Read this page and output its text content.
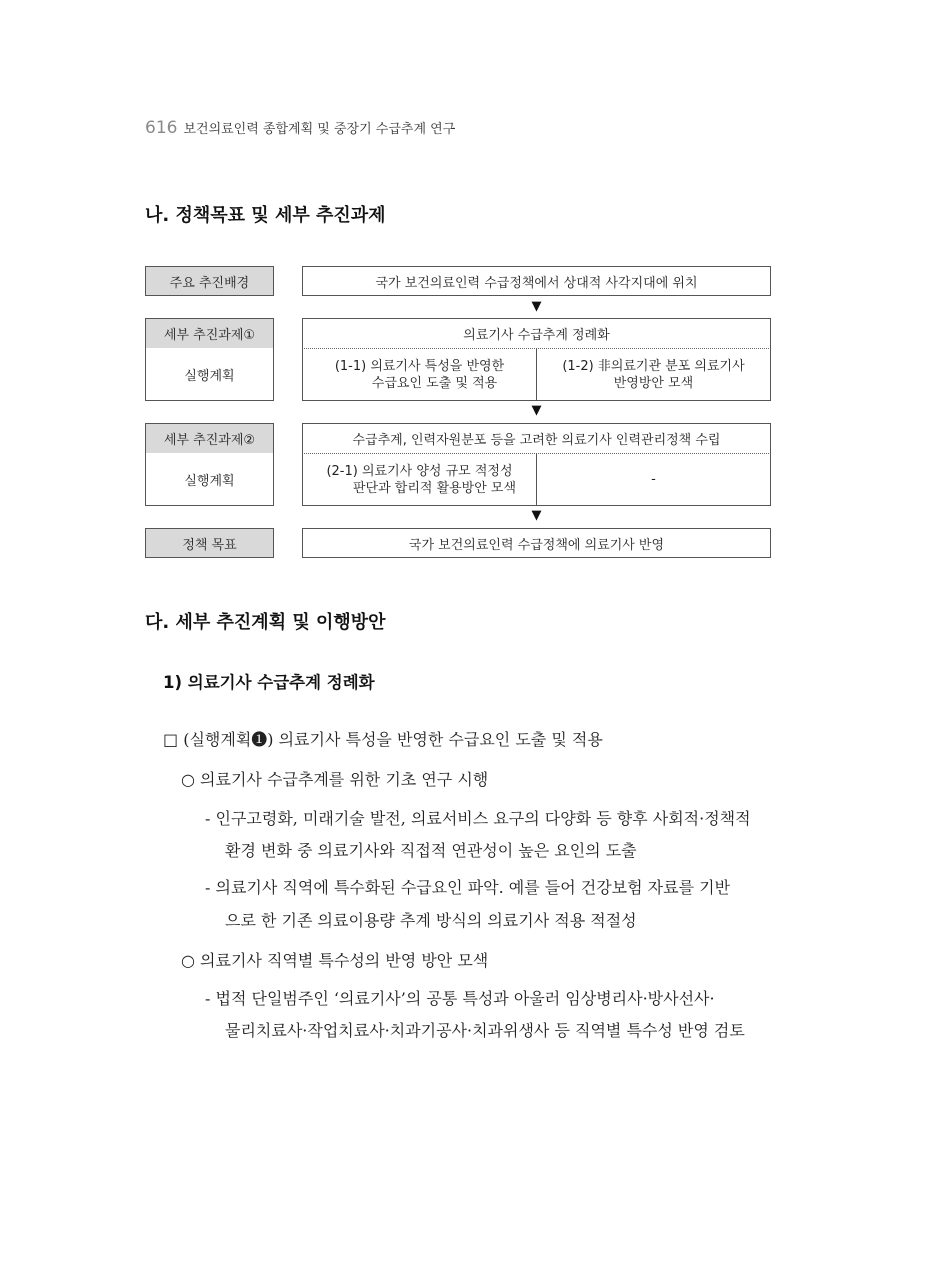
616 보건의료인력 종합계획 및 중장기 수급추계 연구
나. 정책목표 및 세부 추진과제
주요 추진배경	국가 보건의료인력 수급정책에서 상대적 사각지대에 위치
▼
세부 추진과제①
실행계획
의료기사 수급추계 정례화
(1-1) 의료기사 특성을 반영한
수급요인 도출 및 적용
(1-2) 非의료기관 분포 의료기사
반영방안 모색
▼
세부 추진과제②
실행계획
수급추계, 인력자원분포 등을 고려한 의료기사 인력관리정책 수립
(2-1) 의료기사 양성 규모 적정성
판단과 합리적 활용방안 모색
-
▼
정책 목표	국가 보건의료인력 수급정책에 의료기사 반영
다. 세부 추진계획 및 이행방안
1) 의료기사 수급추계 정례화
□ (실행계획❶) 의료기사 특성을 반영한 수급요인 도출 및 적용
○ 의료기사 수급추계를 위한 기초 연구 시행
- 인구고령화, 미래기술 발전, 의료서비스 요구의 다양화 등 향후 사회적·정책적
환경 변화 중 의료기사와 직접적 연관성이 높은 요인의 도출
- 의료기사 직역에 특수화된 수급요인 파악. 예를 들어 건강보험 자료를 기반
으로 한 기존 의료이용량 추계 방식의 의료기사 적용 적절성
○ 의료기사 직역별 특수성의 반영 방안 모색
- 법적 단일범주인 ‘의료기사’의 공통 특성과 아울러 임상병리사·방사선사·
물리치료사·작업치료사·치과기공사·치과위생사 등 직역별 특수성 반영 검토
